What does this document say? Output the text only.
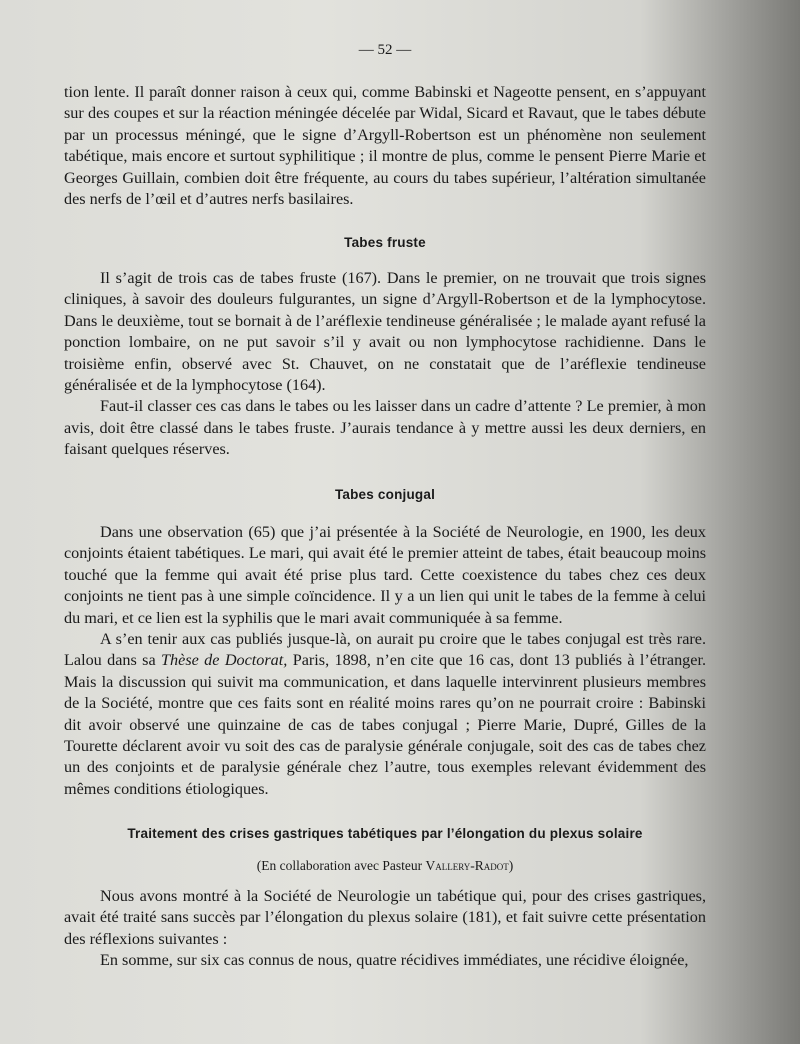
— 52 —

tion lente. Il paraît donner raison à ceux qui, comme Babinski et Nageotte pensent, en s’appuyant sur des coupes et sur la réaction méningée décelée par Widal, Sicard et Ravaut, que le tabes débute par un processus méningé, que le signe d’Argyll-Robertson est un phénomène non seulement tabétique, mais encore et surtout syphilitique ; il montre de plus, comme le pensent Pierre Marie et Georges Guillain, combien doit être fréquente, au cours du tabes supérieur, l’altération simultanée des nerfs de l’œil et d’autres nerfs basilaires.

Tabes fruste

Il s’agit de trois cas de tabes fruste (167). Dans le premier, on ne trouvait que trois signes cliniques, à savoir des douleurs fulgurantes, un signe d’Argyll-Robertson et de la lymphocytose. Dans le deuxième, tout se bornait à de l’aréflexie tendineuse généralisée ; le malade ayant refusé la ponction lombaire, on ne put savoir s’il y avait ou non lymphocytose rachidienne. Dans le troisième enfin, observé avec St. Chauvet, on ne constatait que de l’aréflexie tendineuse généralisée et de la lymphocytose (164).

Faut-il classer ces cas dans le tabes ou les laisser dans un cadre d’attente ? Le premier, à mon avis, doit être classé dans le tabes fruste. J’aurais tendance à y mettre aussi les deux derniers, en faisant quelques réserves.

Tabes conjugal

Dans une observation (65) que j’ai présentée à la Société de Neurologie, en 1900, les deux conjoints étaient tabétiques. Le mari, qui avait été le premier atteint de tabes, était beaucoup moins touché que la femme qui avait été prise plus tard. Cette coexistence du tabes chez ces deux conjoints ne tient pas à une simple coïncidence. Il y a un lien qui unit le tabes de la femme à celui du mari, et ce lien est la syphilis que le mari avait communiquée à sa femme.

A s’en tenir aux cas publiés jusque-là, on aurait pu croire que le tabes conjugal est très rare. Lalou dans sa Thèse de Doctorat, Paris, 1898, n’en cite que 16 cas, dont 13 publiés à l’étranger. Mais la discussion qui suivit ma communication, et dans laquelle intervinrent plusieurs membres de la Société, montre que ces faits sont en réalité moins rares qu’on ne pourrait croire : Babinski dit avoir observé une quinzaine de cas de tabes conjugal ; Pierre Marie, Dupré, Gilles de la Tourette déclarent avoir vu soit des cas de paralysie générale conjugale, soit des cas de tabes chez un des conjoints et de paralysie générale chez l’autre, tous exemples relevant évidemment des mêmes conditions étiologiques.

Traitement des crises gastriques tabétiques par l’élongation du plexus solaire
(En collaboration avec Pasteur Vallery-Radot)

Nous avons montré à la Société de Neurologie un tabétique qui, pour des crises gastriques, avait été traité sans succès par l’élongation du plexus solaire (181), et fait suivre cette présentation des réflexions suivantes :

En somme, sur six cas connus de nous, quatre récidives immédiates, une récidive éloignée,
